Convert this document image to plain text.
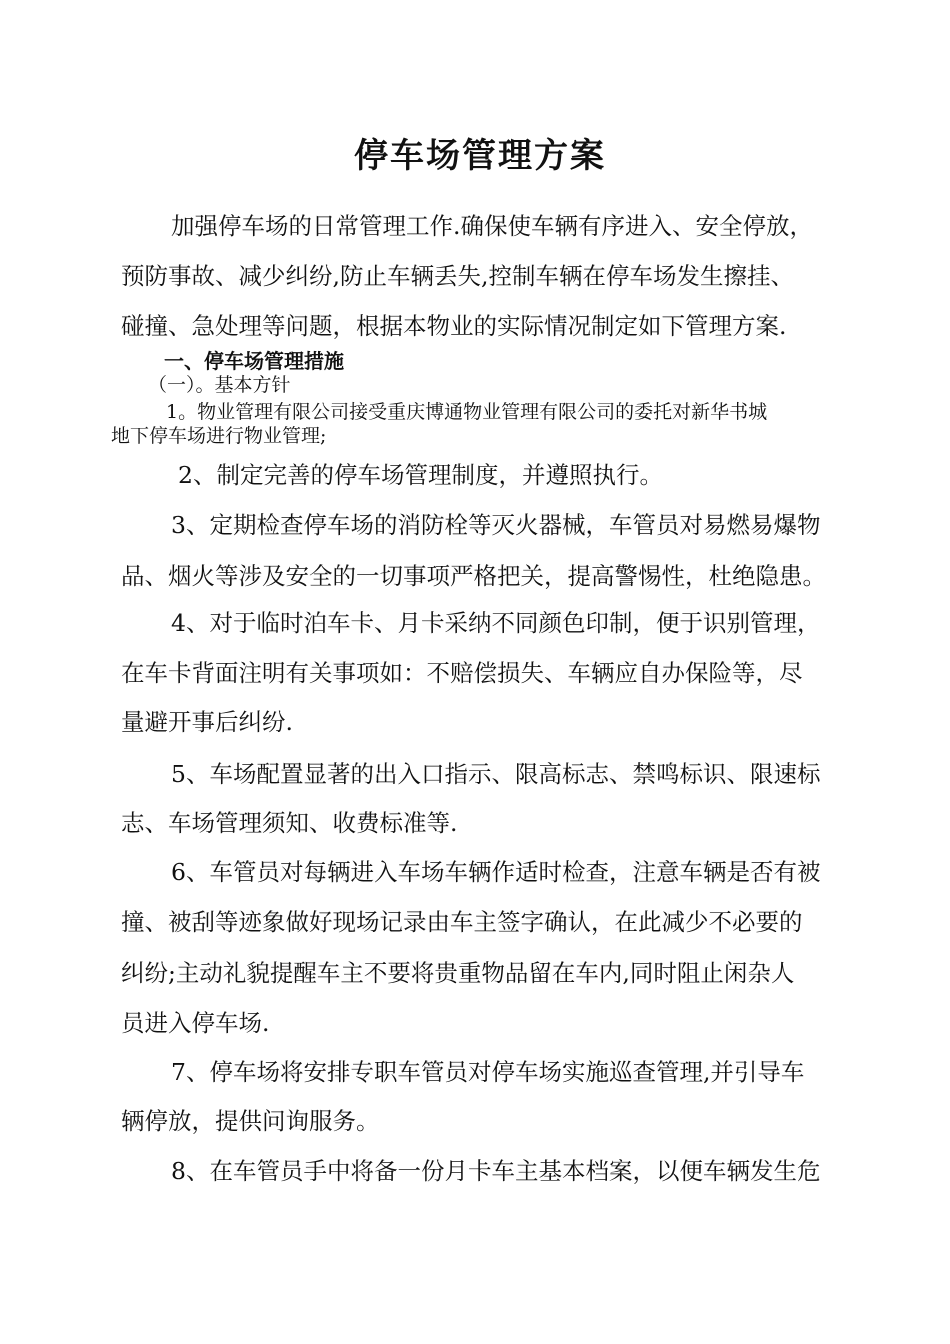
停车场管理方案
加强停车场的日常管理工作.确保使车辆有序进入、安全停放，
预防事故、减少纠纷,防止车辆丢失,控制车辆在停车场发生擦挂、
碰撞、急处理等问题，根据本物业的实际情况制定如下管理方案.
一、停车场管理措施
（一）。基本方针
1。物业管理有限公司接受重庆博通物业管理有限公司的委托对新华书城
地下停车场进行物业管理;
2、制定完善的停车场管理制度，并遵照执行。
3、定期检查停车场的消防栓等灭火器械，车管员对易燃易爆物
品、烟火等涉及安全的一切事项严格把关，提高警惕性，杜绝隐患。
4、对于临时泊车卡、月卡采纳不同颜色印制，便于识别管理，
在车卡背面注明有关事项如：不赔偿损失、车辆应自办保险等，尽
量避开事后纠纷.
5、车场配置显著的出入口指示、限高标志、禁鸣标识、限速标
志、车场管理须知、收费标准等.
6、车管员对每辆进入车场车辆作适时检查，注意车辆是否有被
撞、被刮等迹象做好现场记录由车主签字确认，在此减少不必要的
纠纷;主动礼貌提醒车主不要将贵重物品留在车内,同时阻止闲杂人
员进入停车场.
7、停车场将安排专职车管员对停车场实施巡查管理,并引导车
辆停放，提供问询服务。
8、在车管员手中将备一份月卡车主基本档案，以便车辆发生危
